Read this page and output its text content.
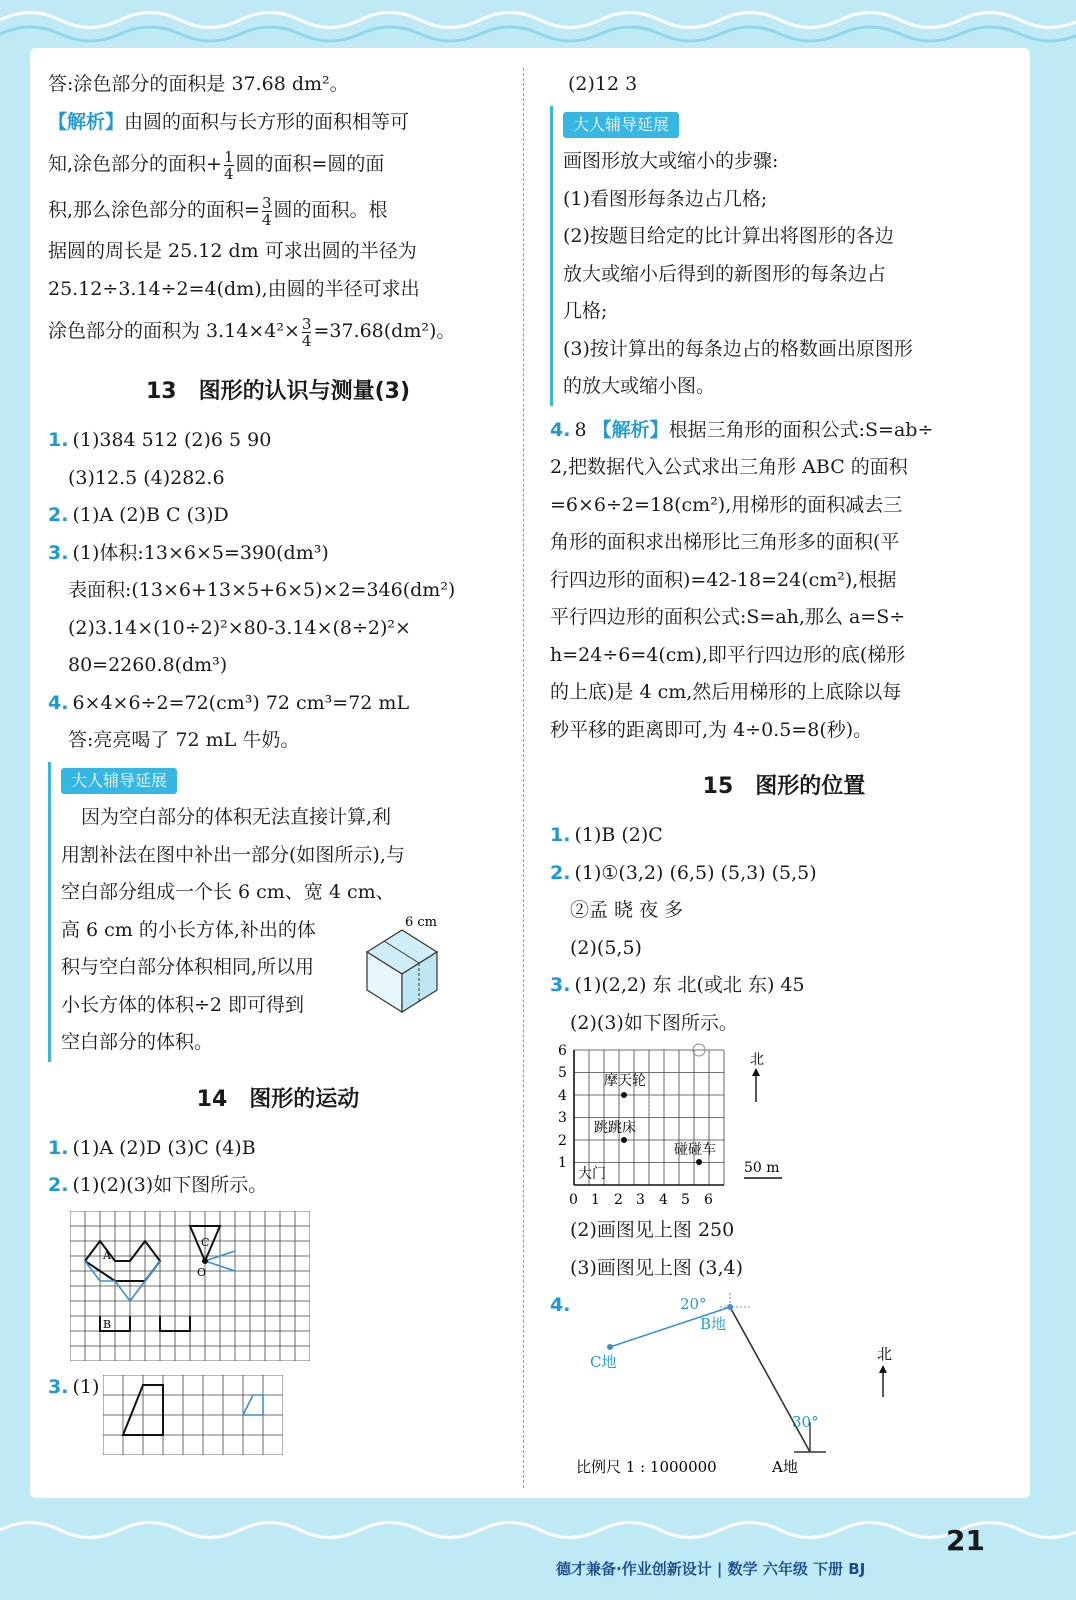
答:涂色部分的面积是 37.68 dm²。

【 解析 】 由圆的面积与长方形的面积相等可

知,涂色部分的面积+ $\frac{1}{4}$ 圆的面积=圆的面

积,那么涂色部分的面积= $\frac{3}{4}$ 圆的面积。根

据圆的周长是 25.12 dm 可求出圆的半径为

25.12÷3.14÷2=4(dm),由圆的半径可求出

涂色部分的面积为 $3.14\times 4^2\times \frac{3}{4} =37.68(dm^2)$。

13 图形的认识与测量(3)

1. (1)384 512 (2)6 5 90

(3)12.5 (4)282.6

2. (1)A (2)B C (3)D

3. (1)体积:13×6×5=390(dm³)

表面积:(13×6+13×5+6×5)×2=346(dm²)

(2)3.14×(10÷2)²×80-3.14×(8÷2)²×

80=2260.8(dm³)

4. 6×4×6÷2=72(cm³) 72 cm³=72 mL

答:亮亮喝了 72 mL 牛奶。

大人辅导延展

因为空白部分的体积无法直接计算,利

用割补法在图中补出一部分(如图所示),与

空白部分组成一个长 6 cm、宽 4 cm、

高 6 cm 的小长方体,补出的体

积与空白部分体积相同,所以用

小长方体的体积÷2 即可得到

空白部分的体积。

6 cm
14 图形的运动

1. (1)A (2)D (3)C (4)B

2. (1)(2)(3)如下图所示。

A
B
C
O
3. (1)

(2)12 3

大人辅导延展

画图形放大或缩小的步骤:

(1)看图形每条边占几格;

(2)按题目给定的比计算出将图形的各边

放大或缩小后得到的新图形的每条边占

几格;

(3)按计算出的每条边占的格数画出原图形

的放大或缩小图。

4. 8 【 解析 】 根据三角形的面积公式:S=ab÷

2,把数据代入公式求出三角形 ABC 的面积

=6×6÷2=18(cm²),用梯形的面积减去三

角形的面积求出梯形比三角形多的面积(平

行四边形的面积)=42-18=24(cm²),根据

平行四边形的面积公式:S=ah,那么 a=S÷

h=24÷6=4(cm),即平行四边形的底(梯形

的上底)是 4 cm,然后用梯形的上底除以每

秒平移的距离即可,为 4÷0.5=8(秒)。

15 图形的位置

1. (1)B (2)C

2. (1)①(3,2) (6,5) (5,3) (5,5)

②孟 晓 夜 多

(2)(5,5)

3. (1)(2,2) 东 北(或北 东) 45

(2)(3)如下图所示。

摩天轮
跳跳床
碰碰车
大门
6
5
4
3
2
1
0 1 2 3 4 5 6
北
50 m

(2)画图见上图 250

(3)画图见上图 (3,4)

4.	20°
B地
C地	北
30°
A地
比例尺 1 : 1000000
德才兼备·作业创新设计 | 数学 六年级 下册 BJ
21
